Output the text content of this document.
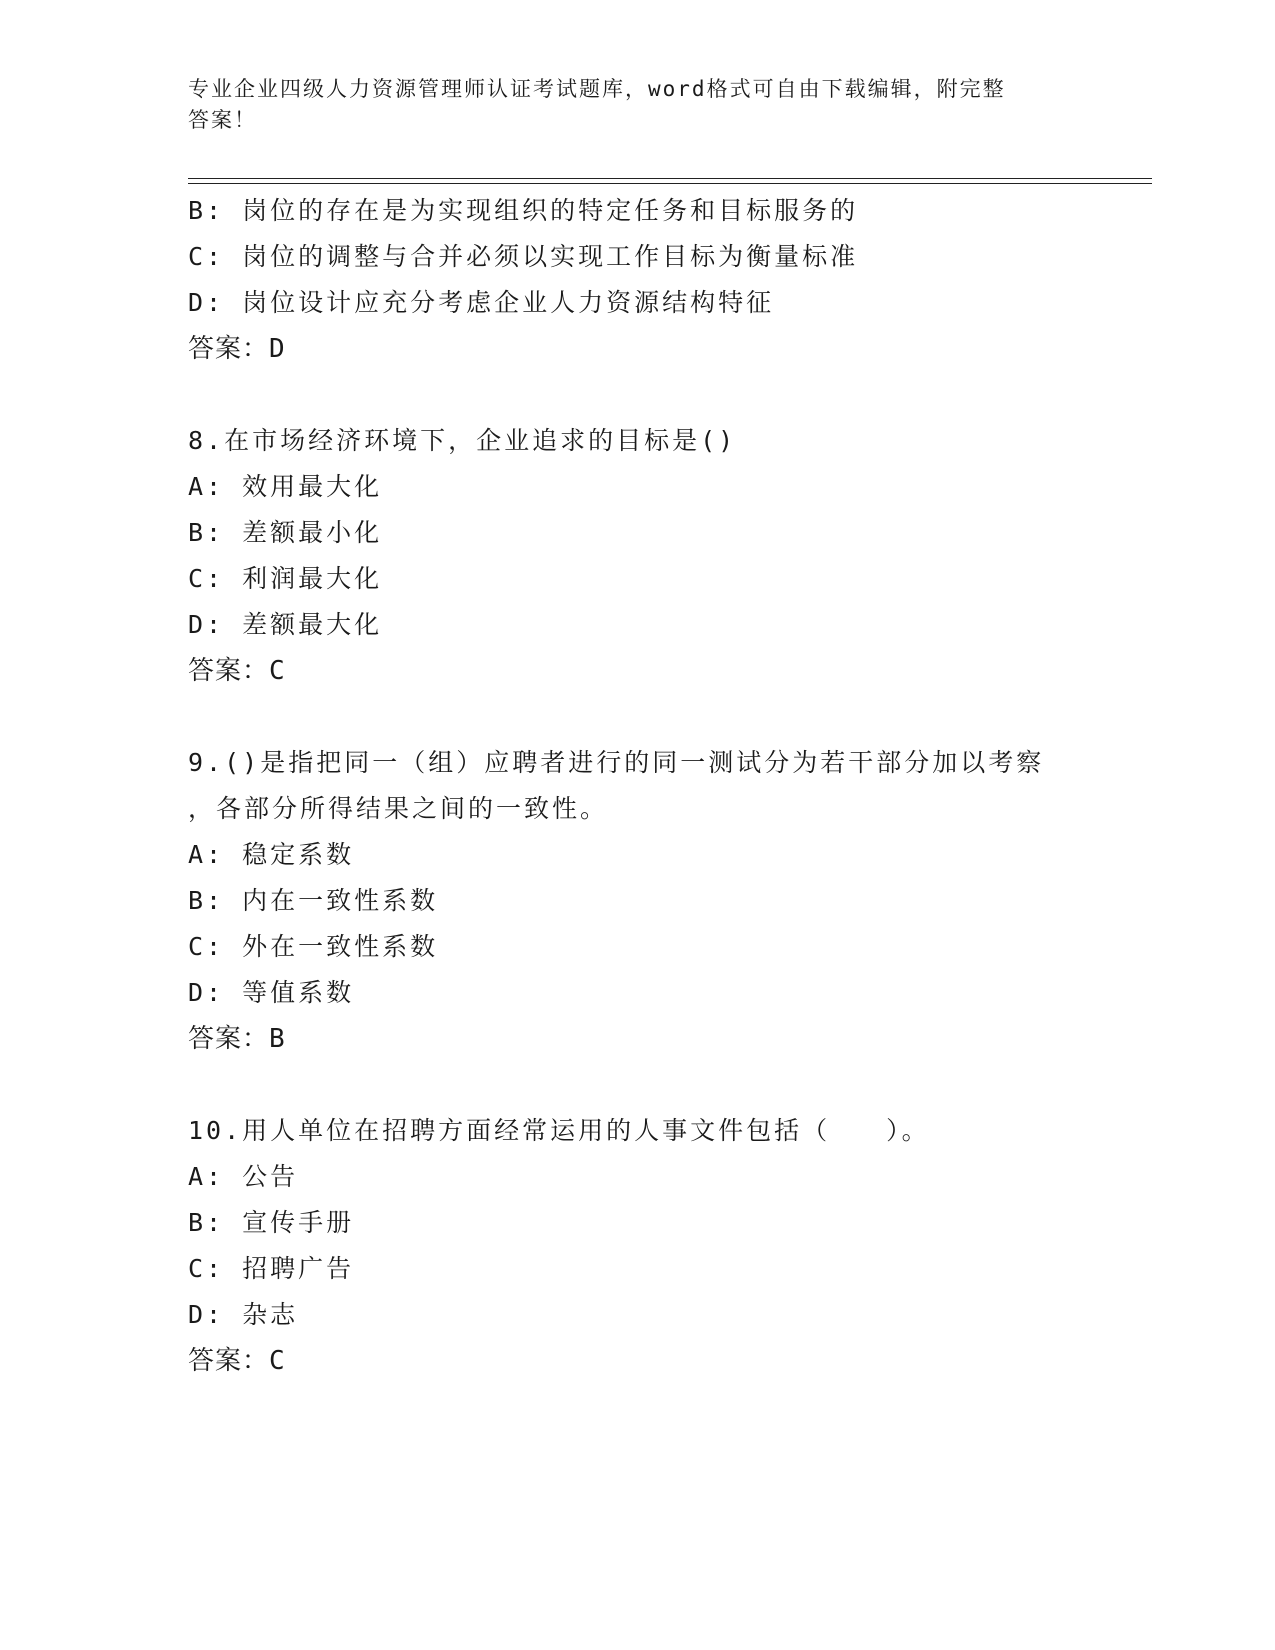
专业企业四级人力资源管理师认证考试题库，word格式可自由下载编辑，附完整
答案！
B: 岗位的存在是为实现组织的特定任务和目标服务的
C: 岗位的调整与合并必须以实现工作目标为衡量标准
D: 岗位设计应充分考虑企业人力资源结构特征
答案：D
8.在市场经济环境下，企业追求的目标是()
A: 效用最大化
B: 差额最小化
C: 利润最大化
D: 差额最大化
答案：C
9.()是指把同一（组）应聘者进行的同一测试分为若干部分加以考察
，各部分所得结果之间的一致性。
A: 稳定系数
B: 内在一致性系数
C: 外在一致性系数
D: 等值系数
答案：B
10.用人单位在招聘方面经常运用的人事文件包括（　　）。
A: 公告
B: 宣传手册
C: 招聘广告
D: 杂志
答案：C
